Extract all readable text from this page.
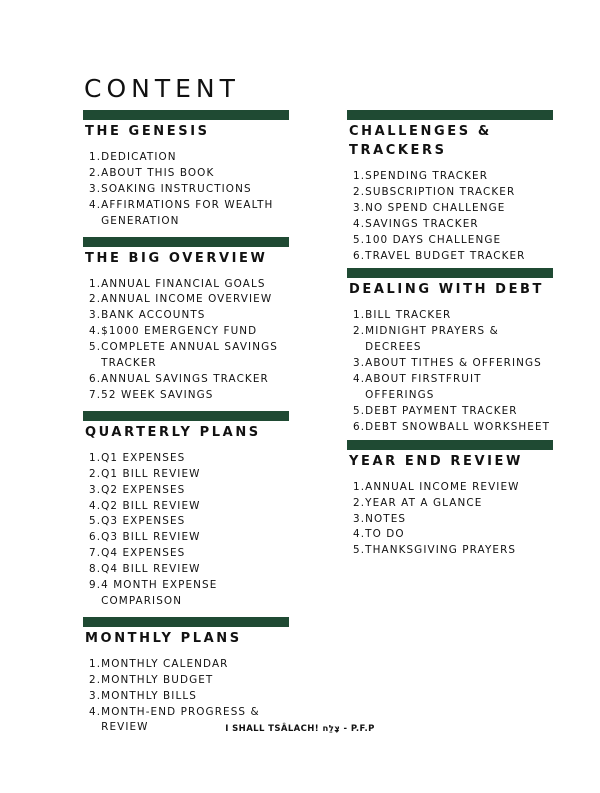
CONTENT
THE GENESIS
1. DEDICATION
2. ABOUT THIS BOOK
3. SOAKING INSTRUCTIONS
4. AFFIRMATIONS FOR WEALTH GENERATION
THE BIG OVERVIEW
1. ANNUAL FINANCIAL GOALS
2. ANNUAL INCOME OVERVIEW
3. BANK ACCOUNTS
4. $1000 EMERGENCY FUND
5. COMPLETE ANNUAL SAVINGS TRACKER
6. ANNUAL SAVINGS TRACKER
7. 52 WEEK SAVINGS
QUARTERLY PLANS
1. Q1 EXPENSES
2. Q1 BILL REVIEW
3. Q2 EXPENSES
4. Q2 BILL REVIEW
5. Q3 EXPENSES
6. Q3 BILL REVIEW
7. Q4 EXPENSES
8. Q4 BILL REVIEW
9. 4 MONTH EXPENSE COMPARISON
MONTHLY PLANS
1. MONTHLY CALENDAR
2. MONTHLY BUDGET
3. MONTHLY BILLS
4. MONTH-END PROGRESS & REVIEW
CHALLENGES & TRACKERS
1. SPENDING TRACKER
2. SUBSCRIPTION TRACKER
3. NO SPEND CHALLENGE
4. SAVINGS TRACKER
5. 100 DAYS CHALLENGE
6. TRAVEL BUDGET TRACKER
DEALING WITH DEBT
1. BILL TRACKER
2. MIDNIGHT PRAYERS & DECREES
3. ABOUT TITHES & OFFERINGS
4. ABOUT FIRSTFRUIT OFFERINGS
5. DEBT PAYMENT TRACKER
6. DEBT SNOWBALL WORKSHEET
YEAR END REVIEW
1. ANNUAL INCOME REVIEW
2. YEAR AT A GLANCE
3. NOTES
4. TO DO
5. THANKSGIVING PRAYERS
I SHALL TSÂLACH! צָלַח - P.F.P
